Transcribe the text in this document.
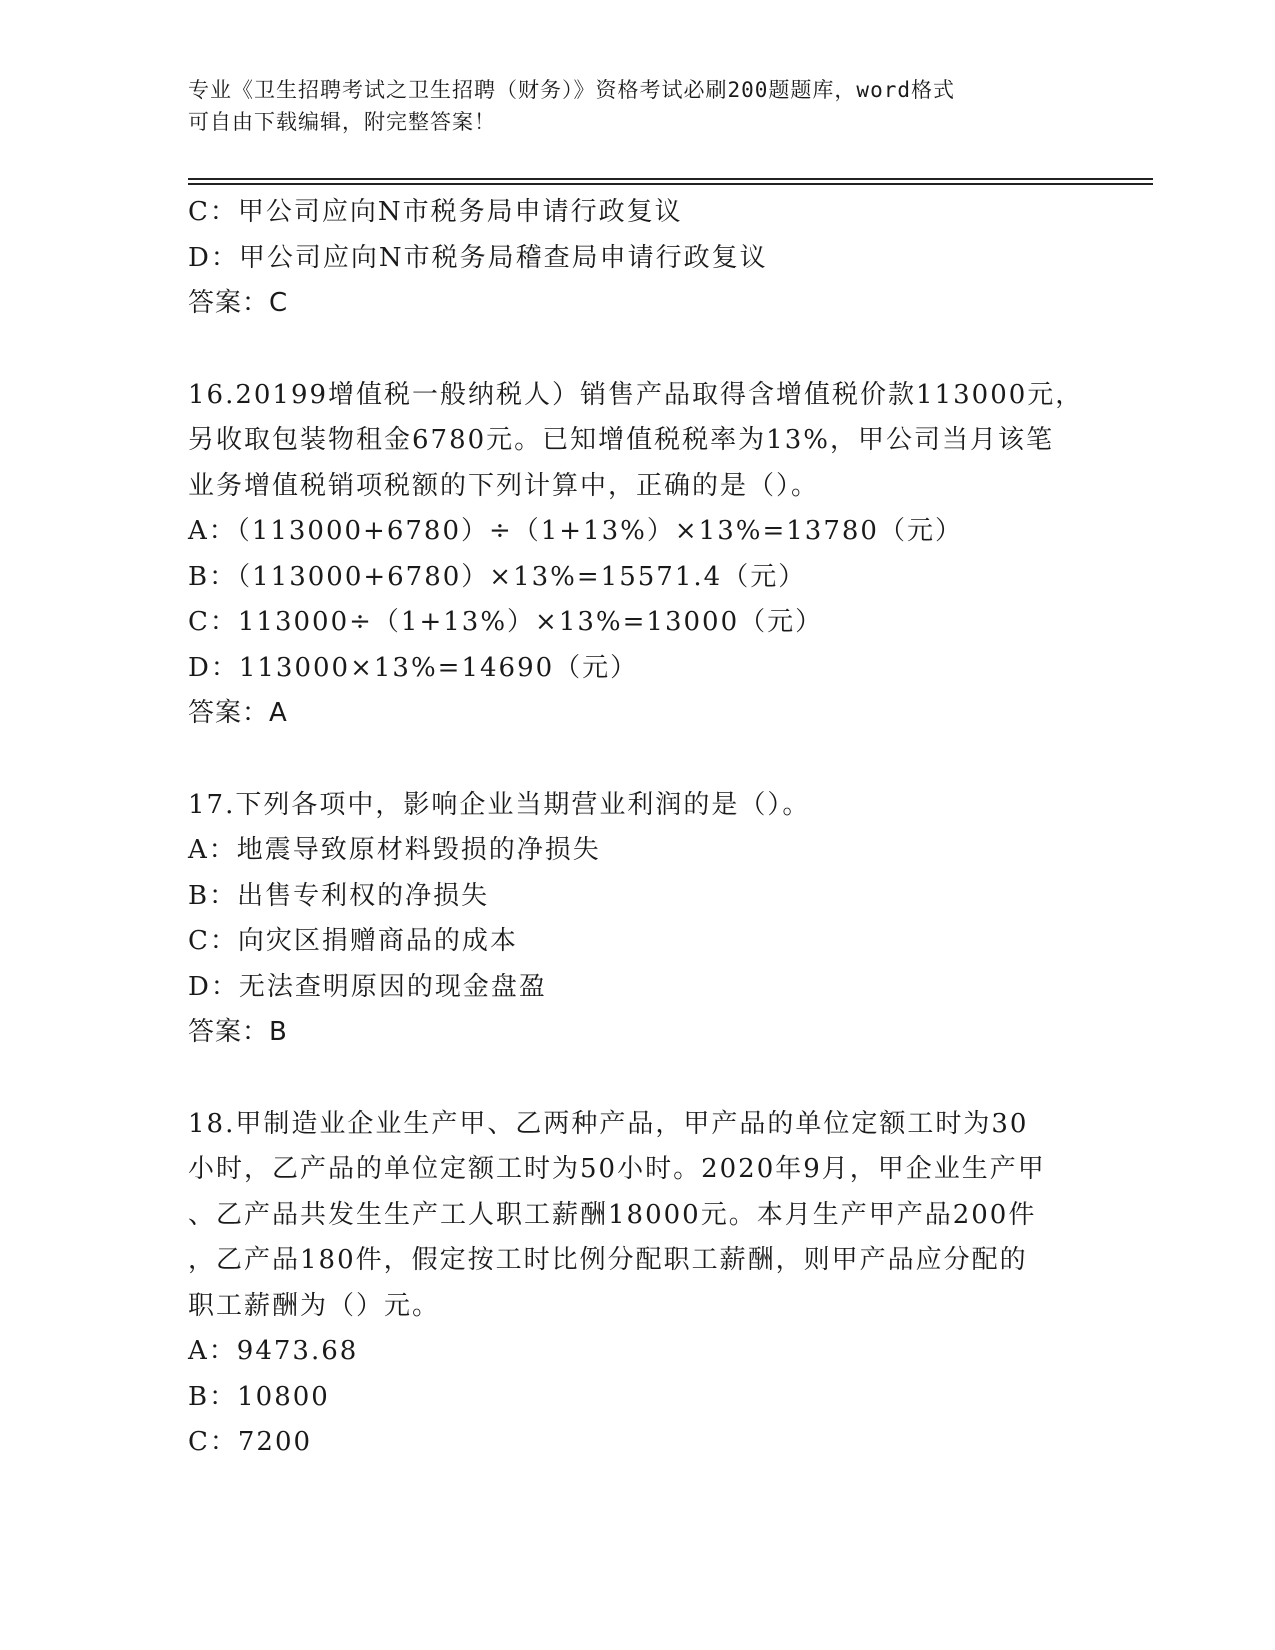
专业《卫生招聘考试之卫生招聘（财务）》资格考试必刷200题题库，word格式
可自由下载编辑，附完整答案！
C：甲公司应向N市税务局申请行政复议
D：甲公司应向N市税务局稽查局申请行政复议
答案：C
16.20199增值税一般纳税人）销售产品取得含增值税价款113000元，
另收取包装物租金6780元。已知增值税税率为13%，甲公司当月该笔
业务增值税销项税额的下列计算中，正确的是（）。
A：（113000+6780）÷（1+13%）×13%=13780（元）
B：（113000+6780）×13%=15571.4（元）
C：113000÷（1+13%）×13%=13000（元）
D：113000×13%=14690（元）
答案：A
17.下列各项中，影响企业当期营业利润的是（）。
A：地震导致原材料毁损的净损失
B：出售专利权的净损失
C：向灾区捐赠商品的成本
D：无法查明原因的现金盘盈
答案：B
18.甲制造业企业生产甲、乙两种产品，甲产品的单位定额工时为30
小时，乙产品的单位定额工时为50小时。2020年9月，甲企业生产甲
、乙产品共发生生产工人职工薪酬18000元。本月生产甲产品200件
，乙产品180件，假定按工时比例分配职工薪酬，则甲产品应分配的
职工薪酬为（）元。
A：9473.68
B：10800
C：7200
